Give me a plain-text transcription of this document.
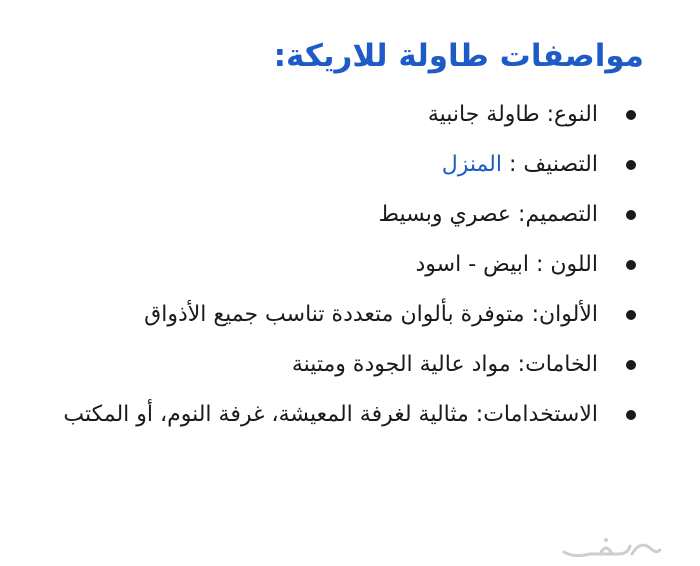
مواصفات طاولة للاريكة:
النوع: طاولة جانبية
التصنيف : المنزل
التصميم: عصري وبسيط
اللون : ابيض - اسود
الألوان: متوفرة بألوان متعددة تناسب جميع الأذواق
الخامات: مواد عالية الجودة ومتينة
الاستخدامات: مثالية لغرفة المعيشة، غرفة النوم، أو المكتب
